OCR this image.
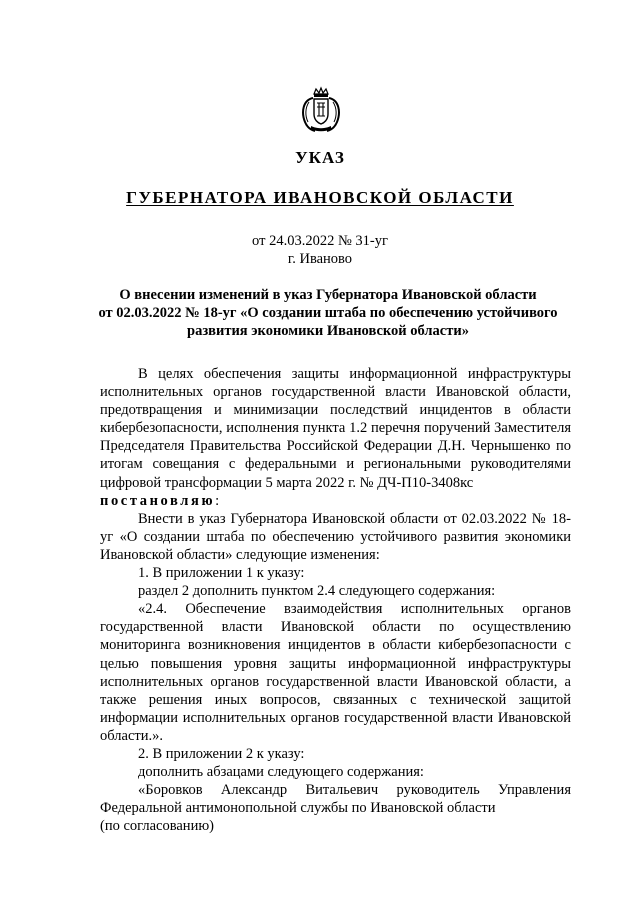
УКАЗ
ГУБЕРНАТОРА ИВАНОВСКОЙ ОБЛАСТИ
от 24.03.2022 № 31-уг
г. Иваново
О внесении изменений в указ Губернатора Ивановской области
от 02.03.2022 № 18-уг «О создании штаба по обеспечению устойчивого
развития экономики Ивановской области»

В целях обеспечения защиты информационной инфраструктуры исполнительных органов государственной власти Ивановской области, предотвращения и минимизации последствий инцидентов в области кибербезопасности, исполнения пункта 1.2 перечня поручений Заместителя Председателя Правительства Российской Федерации Д.Н. Чернышенко по итогам совещания с федеральными и региональными руководителями цифровой трансформации 5 марта 2022 г. № ДЧ-П10-3408кс
постановляю:

Внести в указ Губернатора Ивановской области от 02.03.2022 № 18-уг «О создании штаба по обеспечению устойчивого развития экономики Ивановской области» следующие изменения:

1. В приложении 1 к указу:

раздел 2 дополнить пунктом 2.4 следующего содержания:

«2.4. Обеспечение взаимодействия исполнительных органов государственной власти Ивановской области по осуществлению мониторинга возникновения инцидентов в области кибербезопасности с целью повышения уровня защиты информационной инфраструктуры исполнительных органов государственной власти Ивановской области, а также решения иных вопросов, связанных с технической защитой информации исполнительных органов государственной власти Ивановской области.».

2. В приложении 2 к указу:

дополнить абзацами следующего содержания:

«Боровков Александр Витальевич руководитель Управления Федеральной антимонопольной службы по Ивановской области

(по согласованию)
